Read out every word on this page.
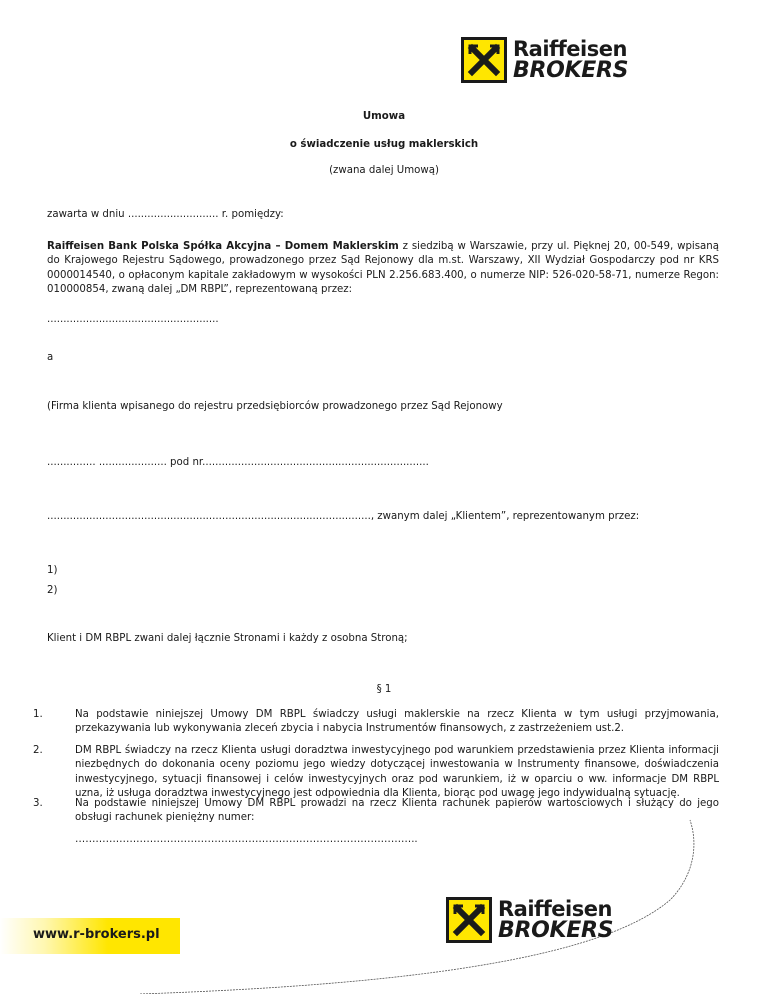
Raiffeisen
BROKERS
Umowa
o świadczenie usług maklerskich
(zwana dalej Umową)
zawarta w dniu ............................ r. pomiędzy:
Raiffeisen Bank Polska Spółka Akcyjna – Domem Maklerskim z siedzibą w Warszawie, przy ul. Pięknej 20, 00-549, wpisaną do Krajowego Rejestru Sądowego, prowadzonego przez Sąd Rejonowy dla m.st. Warszawy, XII Wydział Gospodarczy pod nr KRS 0000014540, o opłaconym kapitale zakładowym w wysokości PLN 2.256.683.400, o numerze NIP: 526-020-58-71, numerze Regon: 010000854, zwaną dalej „DM RBPL”, reprezentowaną przez:
.....................................................
a
(Firma klienta wpisanego do rejestru przedsiębiorców prowadzonego przez Sąd Rejonowy
............... ..................... pod nr......................................................................
...................................................................................................., zwanym dalej „Klientem”, reprezentowanym przez:
1)
2)
Klient i DM RBPL zwani dalej łącznie Stronami i każdy z osobna Stroną;
§ 1
1.	Na podstawie niniejszej Umowy DM RBPL świadczy usługi maklerskie na rzecz Klienta w tym usługi przyjmowania, przekazywania lub wykonywania zleceń zbycia i nabycia Instrumentów finansowych, z zastrzeżeniem ust.2.
2.	DM RBPL świadczy na rzecz Klienta usługi doradztwa inwestycyjnego pod warunkiem przedstawienia przez Klienta informacji niezbędnych do dokonania oceny poziomu jego wiedzy dotyczącej inwestowania w Instrumenty finansowe, doświadczenia inwestycyjnego, sytuacji finansowej i celów inwestycyjnych oraz pod warunkiem, iż w oparciu o ww. informacje DM RBPL uzna, iż usługa doradztwa inwestycyjnego jest odpowiednia dla Klienta, biorąc pod uwagę jego indywidualną sytuację.
3.	Na podstawie niniejszej Umowy DM RBPL prowadzi na rzecz Klienta rachunek papierów wartościowych i służący do jego obsługi rachunek pieniężny numer:
………………………………………………………………………………………..
www.r-brokers.pl
Raiffeisen
BROKERS
